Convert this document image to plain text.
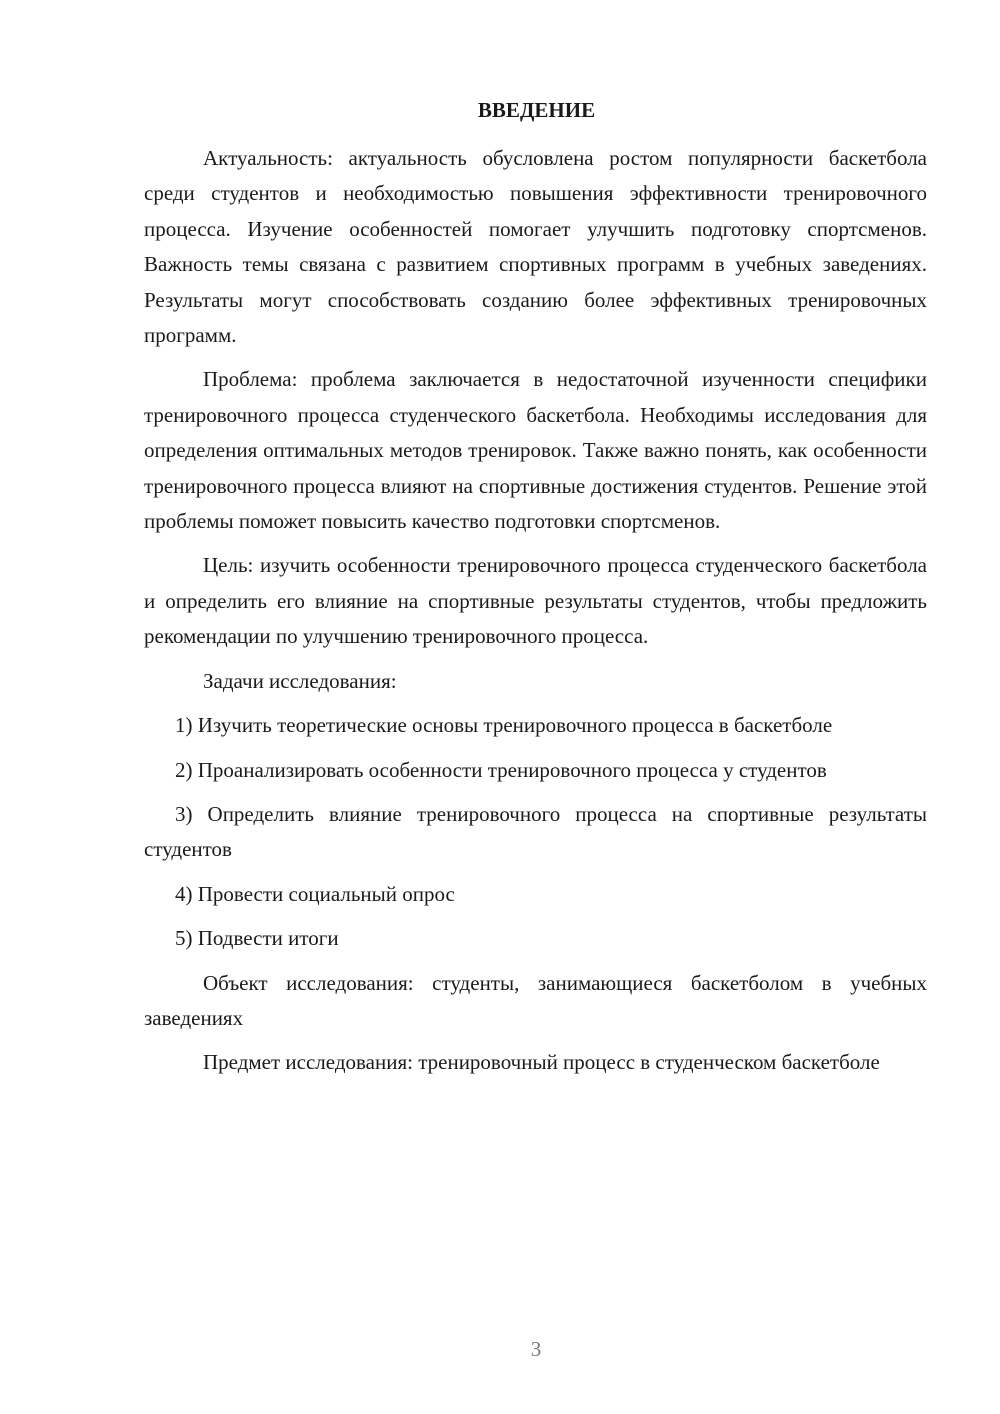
ВВЕДЕНИЕ

Актуальность: актуальность обусловлена ростом популярности баскетбола среди студентов и необходимостью повышения эффективности тренировочного процесса. Изучение особенностей помогает улучшить подготовку спортсменов. Важность темы связана с развитием спортивных программ в учебных заведениях. Результаты могут способствовать созданию более эффективных тренировочных программ.

Проблема: проблема заключается в недостаточной изученности специфики тренировочного процесса студенческого баскетбола. Необходимы исследования для определения оптимальных методов тренировок. Также важно понять, как особенности тренировочного процесса влияют на спортивные достижения студентов. Решение этой проблемы поможет повысить качество подготовки спортсменов.

Цель: изучить особенности тренировочного процесса студенческого баскетбола и определить его влияние на спортивные результаты студентов, чтобы предложить рекомендации по улучшению тренировочного процесса.

Задачи исследования:

1) Изучить теоретические основы тренировочного процесса в баскетболе

2) Проанализировать особенности тренировочного процесса у студентов

3) Определить влияние тренировочного процесса на спортивные результаты студентов

4) Провести социальный опрос

5) Подвести итоги

Объект исследования: студенты, занимающиеся баскетболом в учебных заведениях

Предмет исследования: тренировочный процесс в студенческом баскетболе

3
